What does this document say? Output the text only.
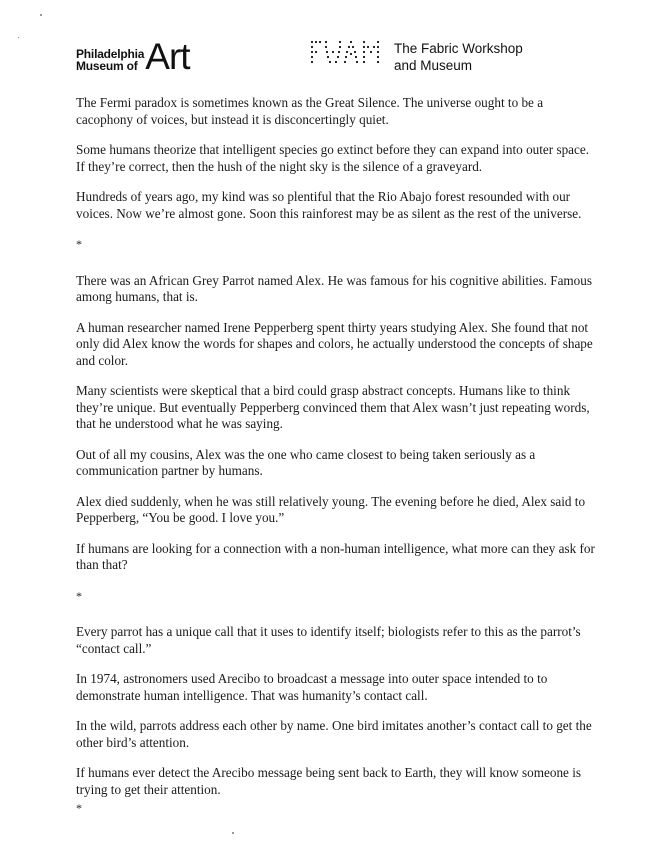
Philadelphia
Museum of Art	The Fabric Workshop
and Museum

The Fermi paradox is sometimes known as the Great Silence. The universe ought to be a cacophony of voices, but instead it is disconcertingly quiet.

Some humans theorize that intelligent species go extinct before they can expand into outer space. If they’re correct, then the hush of the night sky is the silence of a graveyard.

Hundreds of years ago, my kind was so plentiful that the Rio Abajo forest resounded with our voices. Now we’re almost gone. Soon this rainforest may be as silent as the rest of the universe.

*

There was an African Grey Parrot named Alex. He was famous for his cognitive abilities. Famous among humans, that is.

A human researcher named Irene Pepperberg spent thirty years studying Alex. She found that not only did Alex know the words for shapes and colors, he actually understood the concepts of shape and color.

Many scientists were skeptical that a bird could grasp abstract concepts. Humans like to think they’re unique. But eventually Pepperberg convinced them that Alex wasn’t just repeating words, that he understood what he was saying.

Out of all my cousins, Alex was the one who came closest to being taken seriously as a communication partner by humans.

Alex died suddenly, when he was still relatively young. The evening before he died, Alex said to Pepperberg, “You be good. I love you.”

If humans are looking for a connection with a non-human intelligence, what more can they ask for than that?

*

Every parrot has a unique call that it uses to identify itself; biologists refer to this as the parrot’s “contact call.”

In 1974, astronomers used Arecibo to broadcast a message into outer space intended to to demonstrate human intelligence. That was humanity’s contact call.

In the wild, parrots address each other by name. One bird imitates another’s contact call to get the other bird’s attention.

If humans ever detect the Arecibo message being sent back to Earth, they will know someone is trying to get their attention.

*
